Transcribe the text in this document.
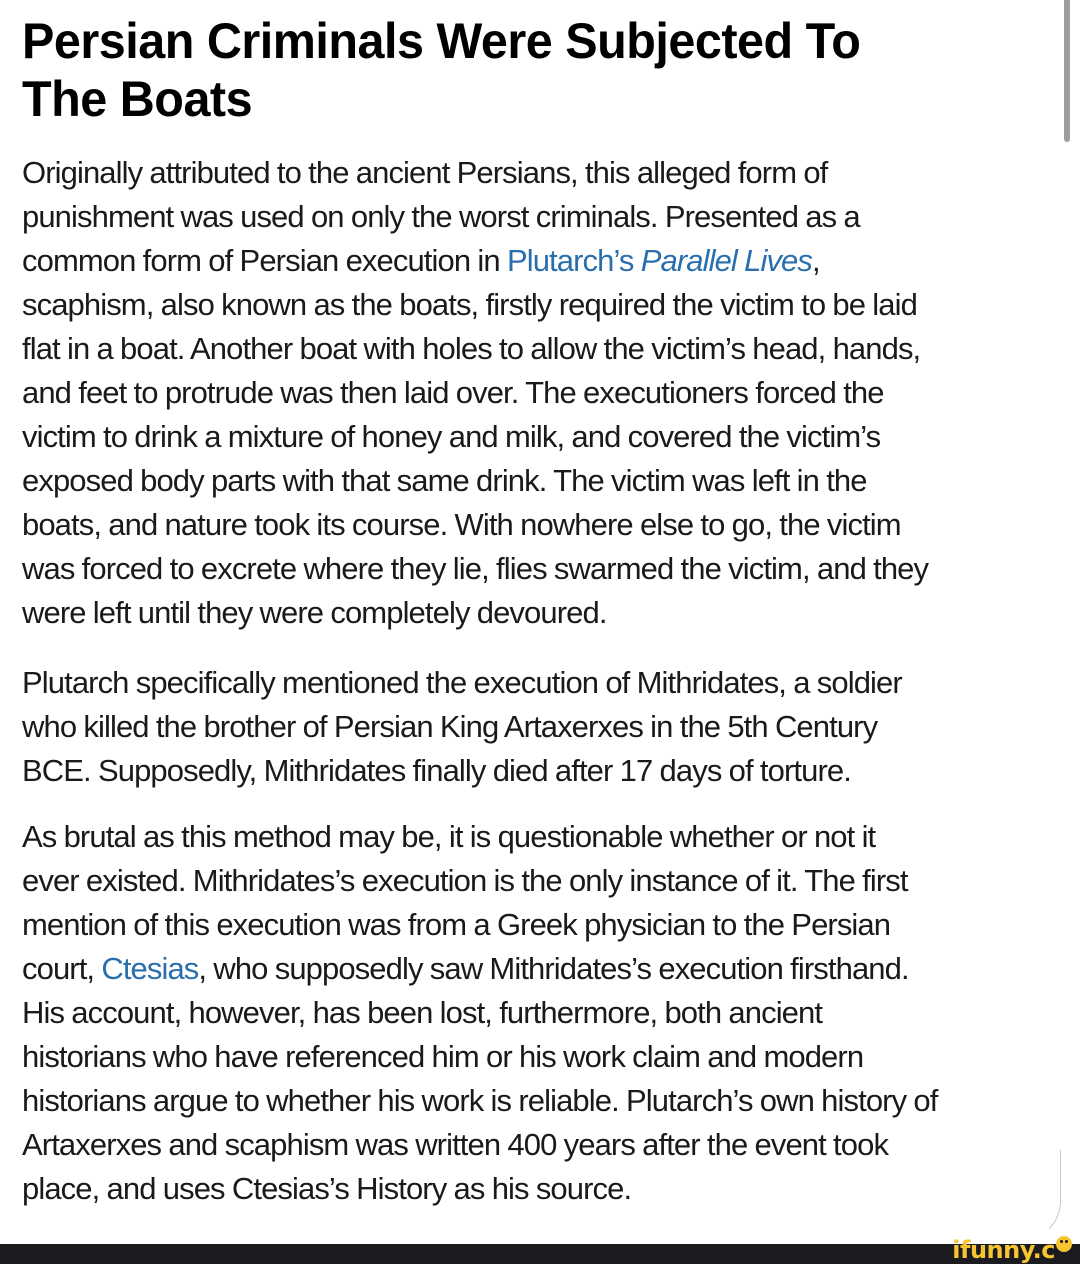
Persian Criminals Were Subjected To
The Boats

Originally attributed to the ancient Persians, this alleged form of
punishment was used on only the worst criminals. Presented as a
common form of Persian execution in Plutarch’s Parallel Lives,
scaphism, also known as the boats, firstly required the victim to be laid
flat in a boat. Another boat with holes to allow the victim’s head, hands,
and feet to protrude was then laid over. The executioners forced the
victim to drink a mixture of honey and milk, and covered the victim’s
exposed body parts with that same drink. The victim was left in the
boats, and nature took its course. With nowhere else to go, the victim
was forced to excrete where they lie, flies swarmed the victim, and they
were left until they were completely devoured.

Plutarch specifically mentioned the execution of Mithridates, a soldier
who killed the brother of Persian King Artaxerxes in the 5th Century
BCE. Supposedly, Mithridates finally died after 17 days of torture.

As brutal as this method may be, it is questionable whether or not it
ever existed. Mithridates’s execution is the only instance of it. The first
mention of this execution was from a Greek physician to the Persian
court, Ctesias, who supposedly saw Mithridates’s execution firsthand.
His account, however, has been lost, furthermore, both ancient
historians who have referenced him or his work claim and modern
historians argue to whether his work is reliable. Plutarch’s own history of
Artaxerxes and scaphism was written 400 years after the event took
place, and uses Ctesias’s History as his source.

ifunny.c
